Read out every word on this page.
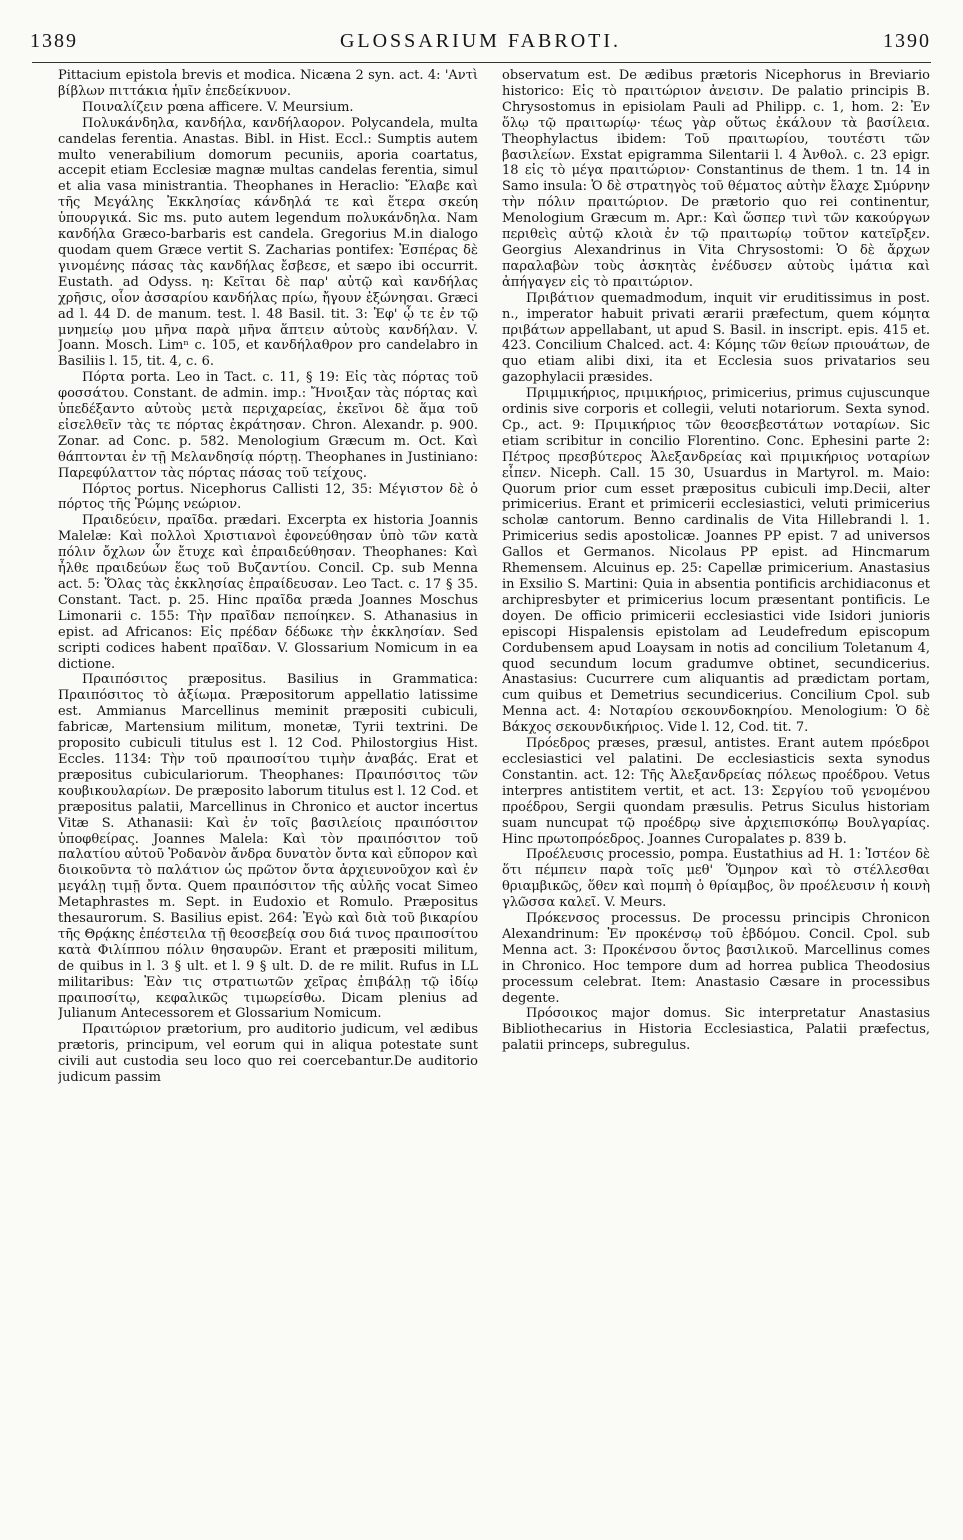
1389	GLOSSARIUM FABROTI.	1390

Pittacium epistola brevis et modica. Nicæna 2 syn. act. 4: 'Αντὶ βίβλων πιττάκια ἡμῖν ἐπεδείκνυον.

Ποιναλίζειν pœna afficere. V. Meursium.

Πολυκάνδηλα, κανδήλα, κανδήλαορον. Polycandela, multa candelas ferentia. Anastas. Bibl. in Hist. Eccl.: Sumptis autem multo venerabilium domorum pecuniis, aporia coartatus, accepit etiam Ecclesiæ magnæ multas candelas ferentia, simul et alia vasa ministrantia. Theophanes in Heraclio: Ἔλαβε καὶ τῆς Μεγάλης Ἐκκλησίας κάνδηλά τε καὶ ἕτερα σκεύη ὑπουργικά. Sic ms. puto autem legendum πολυκάνδηλα. Nam κανδήλα Græco-barbaris est candela. Gregorius M.in dialogo quodam quem Græce vertit S. Zacharias pontifex: Ἑσπέρας δὲ γινομένης πάσας τὰς κανδήλας ἔσβεσε, et sæpo ibi occurrit. Eustath. ad Odyss. η: Κεῖται δὲ παρ' αὐτῷ καὶ κανδήλας χρῆσις, οἷον ἀσσαρίου κανδήλας πρίω, ἤγουν ἐξώνησαι. Græci ad l. 44 D. de manum. test. l. 48 Basil. tit. 3: Ἐφ' ᾧ τε ἐν τῷ μνημείῳ μου μῆνα παρὰ μῆνα ἅπτειν αὐτοὺς κανδήλαν. V. Joann. Mosch. Limⁿ c. 105, et κανδήλαθρον pro candelabro in Basiliis l. 15, tit. 4, c. 6.

Πόρτα porta. Leo in Tact. c. 11, § 19: Εἰς τὰς πόρτας τοῦ φοσσάτου. Constant. de admin. imp.: Ἤνοιξαν τὰς πόρτας καὶ ὑπεδέξαντο αὐτοὺς μετὰ περιχαρείας, ἐκεῖνοι δὲ ἅμα τοῦ εἰσελθεῖν τὰς τε πόρτας ἐκράτησαν. Chron. Alexandr. p. 900. Zonar. ad Conc. p. 582. Menologium Græcum m. Oct. Καὶ θάπτονται ἐν τῇ Μελανδησίᾳ πόρτῃ. Theophanes in Justiniano: Παρεφύλαττον τὰς πόρτας πάσας τοῦ τείχους.

Πόρτος portus. Nicephorus Callisti 12, 35: Μέγιστον δὲ ὁ πόρτος τῆς Ῥώμης νεώριον.

Πραιδεύειν, πραῖδα. prædari. Excerpta ex historia Joannis Malelæ: Καὶ πολλοὶ Χριστιανοὶ ἐφονεύθησαν ὑπὸ τῶν κατὰ πόλιν ὄχλων ὧν ἔτυχε καὶ ἐπραιδεύθησαν. Theophanes: Καὶ ἦλθε πραιδεύων ἕως τοῦ Βυζαντίου. Concil. Cp. sub Menna act. 5: Ὅλας τὰς ἐκκλησίας ἐπραίδευσαν. Leo Tact. c. 17 § 35. Constant. Tact. p. 25. Hinc πραῖδα præda Joannes Moschus Limonarii c. 155: Τὴν πραῖδαν πεποίηκεν. S. Athanasius in epist. ad Africanos: Εἰς πρέδαν δέδωκε τὴν ἐκκλησίαν. Sed scripti codices habent πραῖδαν. V. Glossarium Nomicum in ea dictione.

Πραιπόσιτος præpositus. Basilius in Grammatica: Πραιπόσιτος τὸ ἀξίωμα. Præpositorum appellatio latissime est. Ammianus Marcellinus meminit præpositi cubiculi, fabricæ, Martensium militum, monetæ, Tyrii textrini. De proposito cubiculi titulus est l. 12 Cod. Philostorgius Hist. Eccles. 1134: Τὴν τοῦ πραιποσίτου τιμὴν ἀναβάς. Erat et præpositus cubiculariorum. Theophanes: Πραιπόσιτος τῶν κουβικουλαρίων. De præposito laborum titulus est l. 12 Cod. et præpositus palatii, Marcellinus in Chronico et auctor incertus Vitæ S. Athanasii: Καὶ ἐν τοῖς βασιλείοις πραιπόσιτον ὑποφθείρας. Joannes Malela: Καὶ τὸν πραιπόσιτον τοῦ παλατίου αὐτοῦ Ῥοδανὸν ἄνδρα δυνατὸν ὄντα καὶ εὔπορον καὶ διοικοῦντα τὸ παλάτιον ὡς πρῶτον ὄντα ἀρχιευνοῦχον καὶ ἐν μεγάλῃ τιμῇ ὄντα. Quem πραιπόσιτον τῆς αὐλῆς vocat Simeo Metaphrastes m. Sept. in Eudoxio et Romulo. Præpositus thesaurorum. S. Basilius epist. 264: Ἐγὼ καὶ διὰ τοῦ βικαρίου τῆς Θρᾴκης ἐπέστειλα τῇ θεοσεβείᾳ σου διά τινος πραιποσίτου κατὰ Φιλίππου πόλιν θησαυρῶν. Erant et præpositi militum, de quibus in l. 3 § ult. et l. 9 § ult. D. de re milit. Rufus in LL militaribus: Ἐὰν τις στρατιωτῶν χεῖρας ἐπιβάλῃ τῷ ἰδίῳ πραιποσίτῳ, κεφαλικῶς τιμωρείσθω. Dicam plenius ad Julianum Antecessorem et Glossarium Nomicum.

Πραιτώριον prætorium, pro auditorio judicum, vel ædibus prætoris, principum, vel eorum qui in aliqua potestate sunt civili aut custodia seu loco quo rei coercebantur.De auditorio judicum passim

observatum est. De ædibus prætoris Nicephorus in Breviario historico: Εἰς τὸ πραιτώριον ἀνεισιν. De palatio principis B. Chrysostomus in episiolam Pauli ad Philipp. c. 1, hom. 2: Ἐν ὅλῳ τῷ πραιτωρίῳ· τέως γὰρ οὕτως ἐκάλουν τὰ βασίλεια. Theophylactus ibidem: Τοῦ πραιτωρίου, τουτέστι τῶν βασιλείων. Exstat epigramma Silentarii l. 4 Ἀνθολ. c. 23 epigr. 18 εἰς τὸ μέγα πραιτώριον· Constantinus de them. 1 tn. 14 in Samo insula: Ὁ δὲ στρατηγὸς τοῦ θέματος αὐτὴν ἔλαχε Σμύρνην τὴν πόλιν πραιτώριον. De prætorio quo rei continentur, Menologium Græcum m. Apr.: Καὶ ὥσπερ τινὶ τῶν κακούργων περιθεὶς αὐτῷ κλοιὰ ἐν τῷ πραιτωρίῳ τοῦτον κατεῖρξεν. Georgius Alexandrinus in Vita Chrysostomi: Ὁ δὲ ἄρχων παραλαβὼν τοὺς ἀσκητὰς ἐνέδυσεν αὐτοὺς ἱμάτια καὶ ἀπήγαγεν εἰς τὸ πραιτώριον.

Πριβάτιον quemadmodum, inquit vir eruditissimus in post. n., imperator habuit privati ærarii præfectum, quem κόμητα πριβάτων appellabant, ut apud S. Basil. in inscript. epis. 415 et. 423. Concilium Chalced. act. 4: Κόμης τῶν θείων πριουάτων, de quo etiam alibi dixi, ita et Ecclesia suos privatarios seu gazophylacii præsides.

Πριμμικήριος, πριμικήριος, primicerius, primus cujuscunque ordinis sive corporis et collegii, veluti notariorum. Sexta synod. Cp., act. 9: Πριμικήριος τῶν θεοσεβεστάτων νοταρίων. Sic etiam scribitur in concilio Florentino. Conc. Ephesini parte 2: Πέτρος πρεσβύτερος Ἀλεξανδρείας καὶ πριμικήριος νοταρίων εἶπεν. Niceph. Call. 15 30, Usuardus in Martyrol. m. Maio: Quorum prior cum esset præpositus cubiculi imp.Decii, alter primicerius. Erant et primicerii ecclesiastici, veluti primicerius scholæ cantorum. Benno cardinalis de Vita Hillebrandi l. 1. Primicerius sedis apostolicæ. Joannes PP epist. 7 ad universos Gallos et Germanos. Nicolaus PP epist. ad Hincmarum Rhemensem. Alcuinus ep. 25: Capellæ primicerium. Anastasius in Exsilio S. Martini: Quia in absentia pontificis archidiaconus et archipresbyter et primicerius locum præsentant pontificis. Le doyen. De officio primicerii ecclesiastici vide Isidori junioris episcopi Hispalensis epistolam ad Leudefredum episcopum Cordubensem apud Loaysam in notis ad concilium Toletanum 4, quod secundum locum gradumve obtinet, secundicerius. Anastasius: Cucurrere cum aliquantis ad prædictam portam, cum quibus et Demetrius secundicerius. Concilium Cpol. sub Menna act. 4: Νοταρίου σεκουνδοκηρίου. Menologium: Ὁ δὲ Βάκχος σεκουνδικήριος. Vide l. 12, Cod. tit. 7.

Πρόεδρος præses, præsul, antistes. Erant autem πρόεδροι ecclesiastici vel palatini. De ecclesiasticis sexta synodus Constantin. act. 12: Τῆς Ἀλεξανδρείας πόλεως προέδρου. Vetus interpres antistitem vertit, et act. 13: Σεργίου τοῦ γενομένου προέδρου, Sergii quondam præsulis. Petrus Siculus historiam suam nuncupat τῷ προέδρῳ sive ἀρχιεπισκόπῳ Βουλγαρίας. Hinc πρωτοπρόεδρος. Joannes Curopalates p. 839 b.

Προέλευσις processio, pompa. Eustathius ad H. 1: Ἰστέον δὲ ὅτι πέμπειν παρὰ τοῖς μεθ' Ὅμηρον καὶ τὸ στέλλεσθαι θριαμβικῶς, ὅθεν καὶ πομπὴ ὁ θρίαμβος, ὃν προέλευσιν ἡ κοινὴ γλῶσσα καλεῖ. V. Meurs.

Πρόκενσος processus. De processu principis Chronicon Alexandrinum: Ἐν προκένσῳ τοῦ ἑβδόμου. Concil. Cpol. sub Menna act. 3: Προκένσου ὄντος βασιλικοῦ. Marcellinus comes in Chronico. Hoc tempore dum ad horrea publica Theodosius processum celebrat. Item: Anastasio Cæsare in processibus degente.

Πρόσοικος major domus. Sic interpretatur Anastasius Bibliothecarius in Historia Ecclesiastica, Palatii præfectus, palatii princeps, subregulus.
